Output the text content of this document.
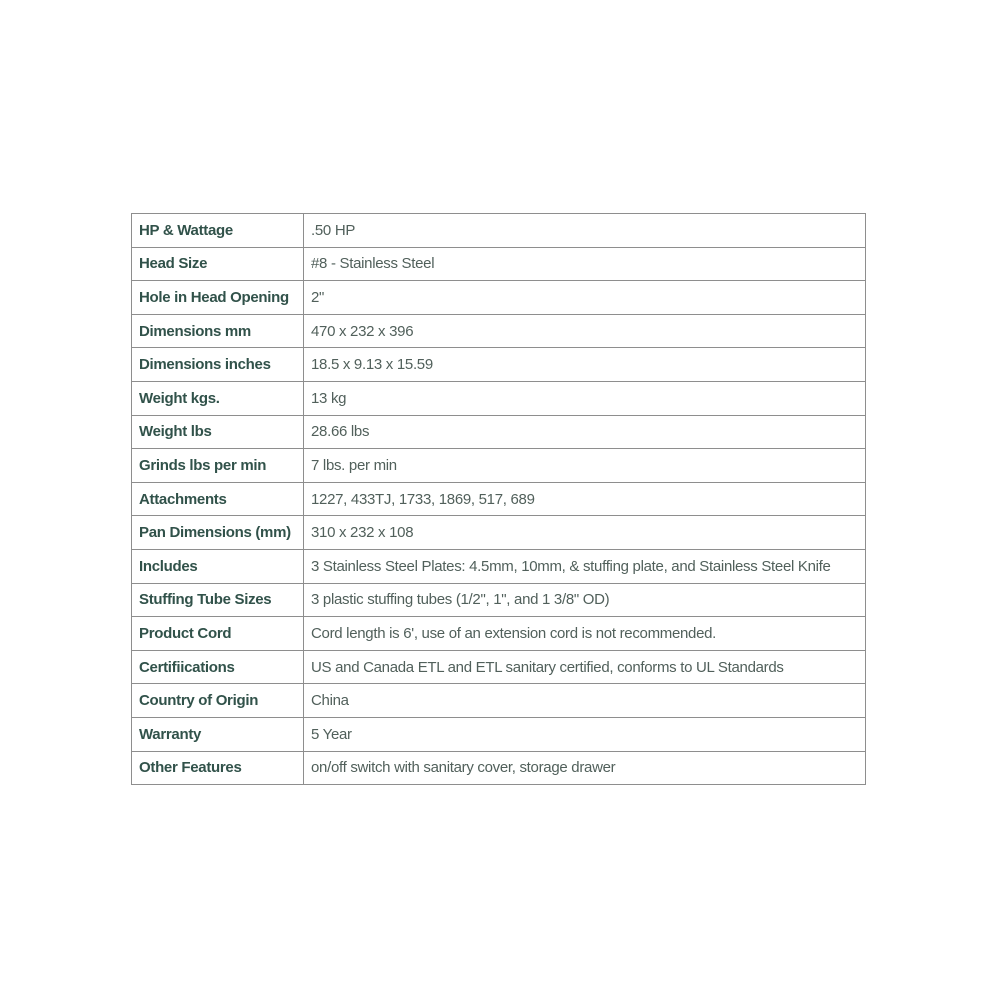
HP & Wattage	.50 HP
Head Size	#8 - Stainless Steel
Hole in Head Opening	2"
Dimensions mm	470 x 232 x 396
Dimensions inches	18.5 x 9.13 x 15.59
Weight kgs.	13 kg
Weight lbs	28.66 lbs
Grinds lbs per min	7 lbs. per min
Attachments	1227, 433TJ, 1733, 1869, 517, 689
Pan Dimensions (mm)	310 x 232 x 108
Includes	3 Stainless Steel Plates: 4.5mm, 10mm, & stuffing plate, and Stainless Steel Knife
Stuffing Tube Sizes	3 plastic stuffing tubes (1/2", 1", and 1 3/8" OD)
Product Cord	Cord length is 6', use of an extension cord is not recommended.
Certifiications	US and Canada ETL and ETL sanitary certified, conforms to UL Standards
Country of Origin	China
Warranty	5 Year
Other Features	on/off switch with sanitary cover, storage drawer
